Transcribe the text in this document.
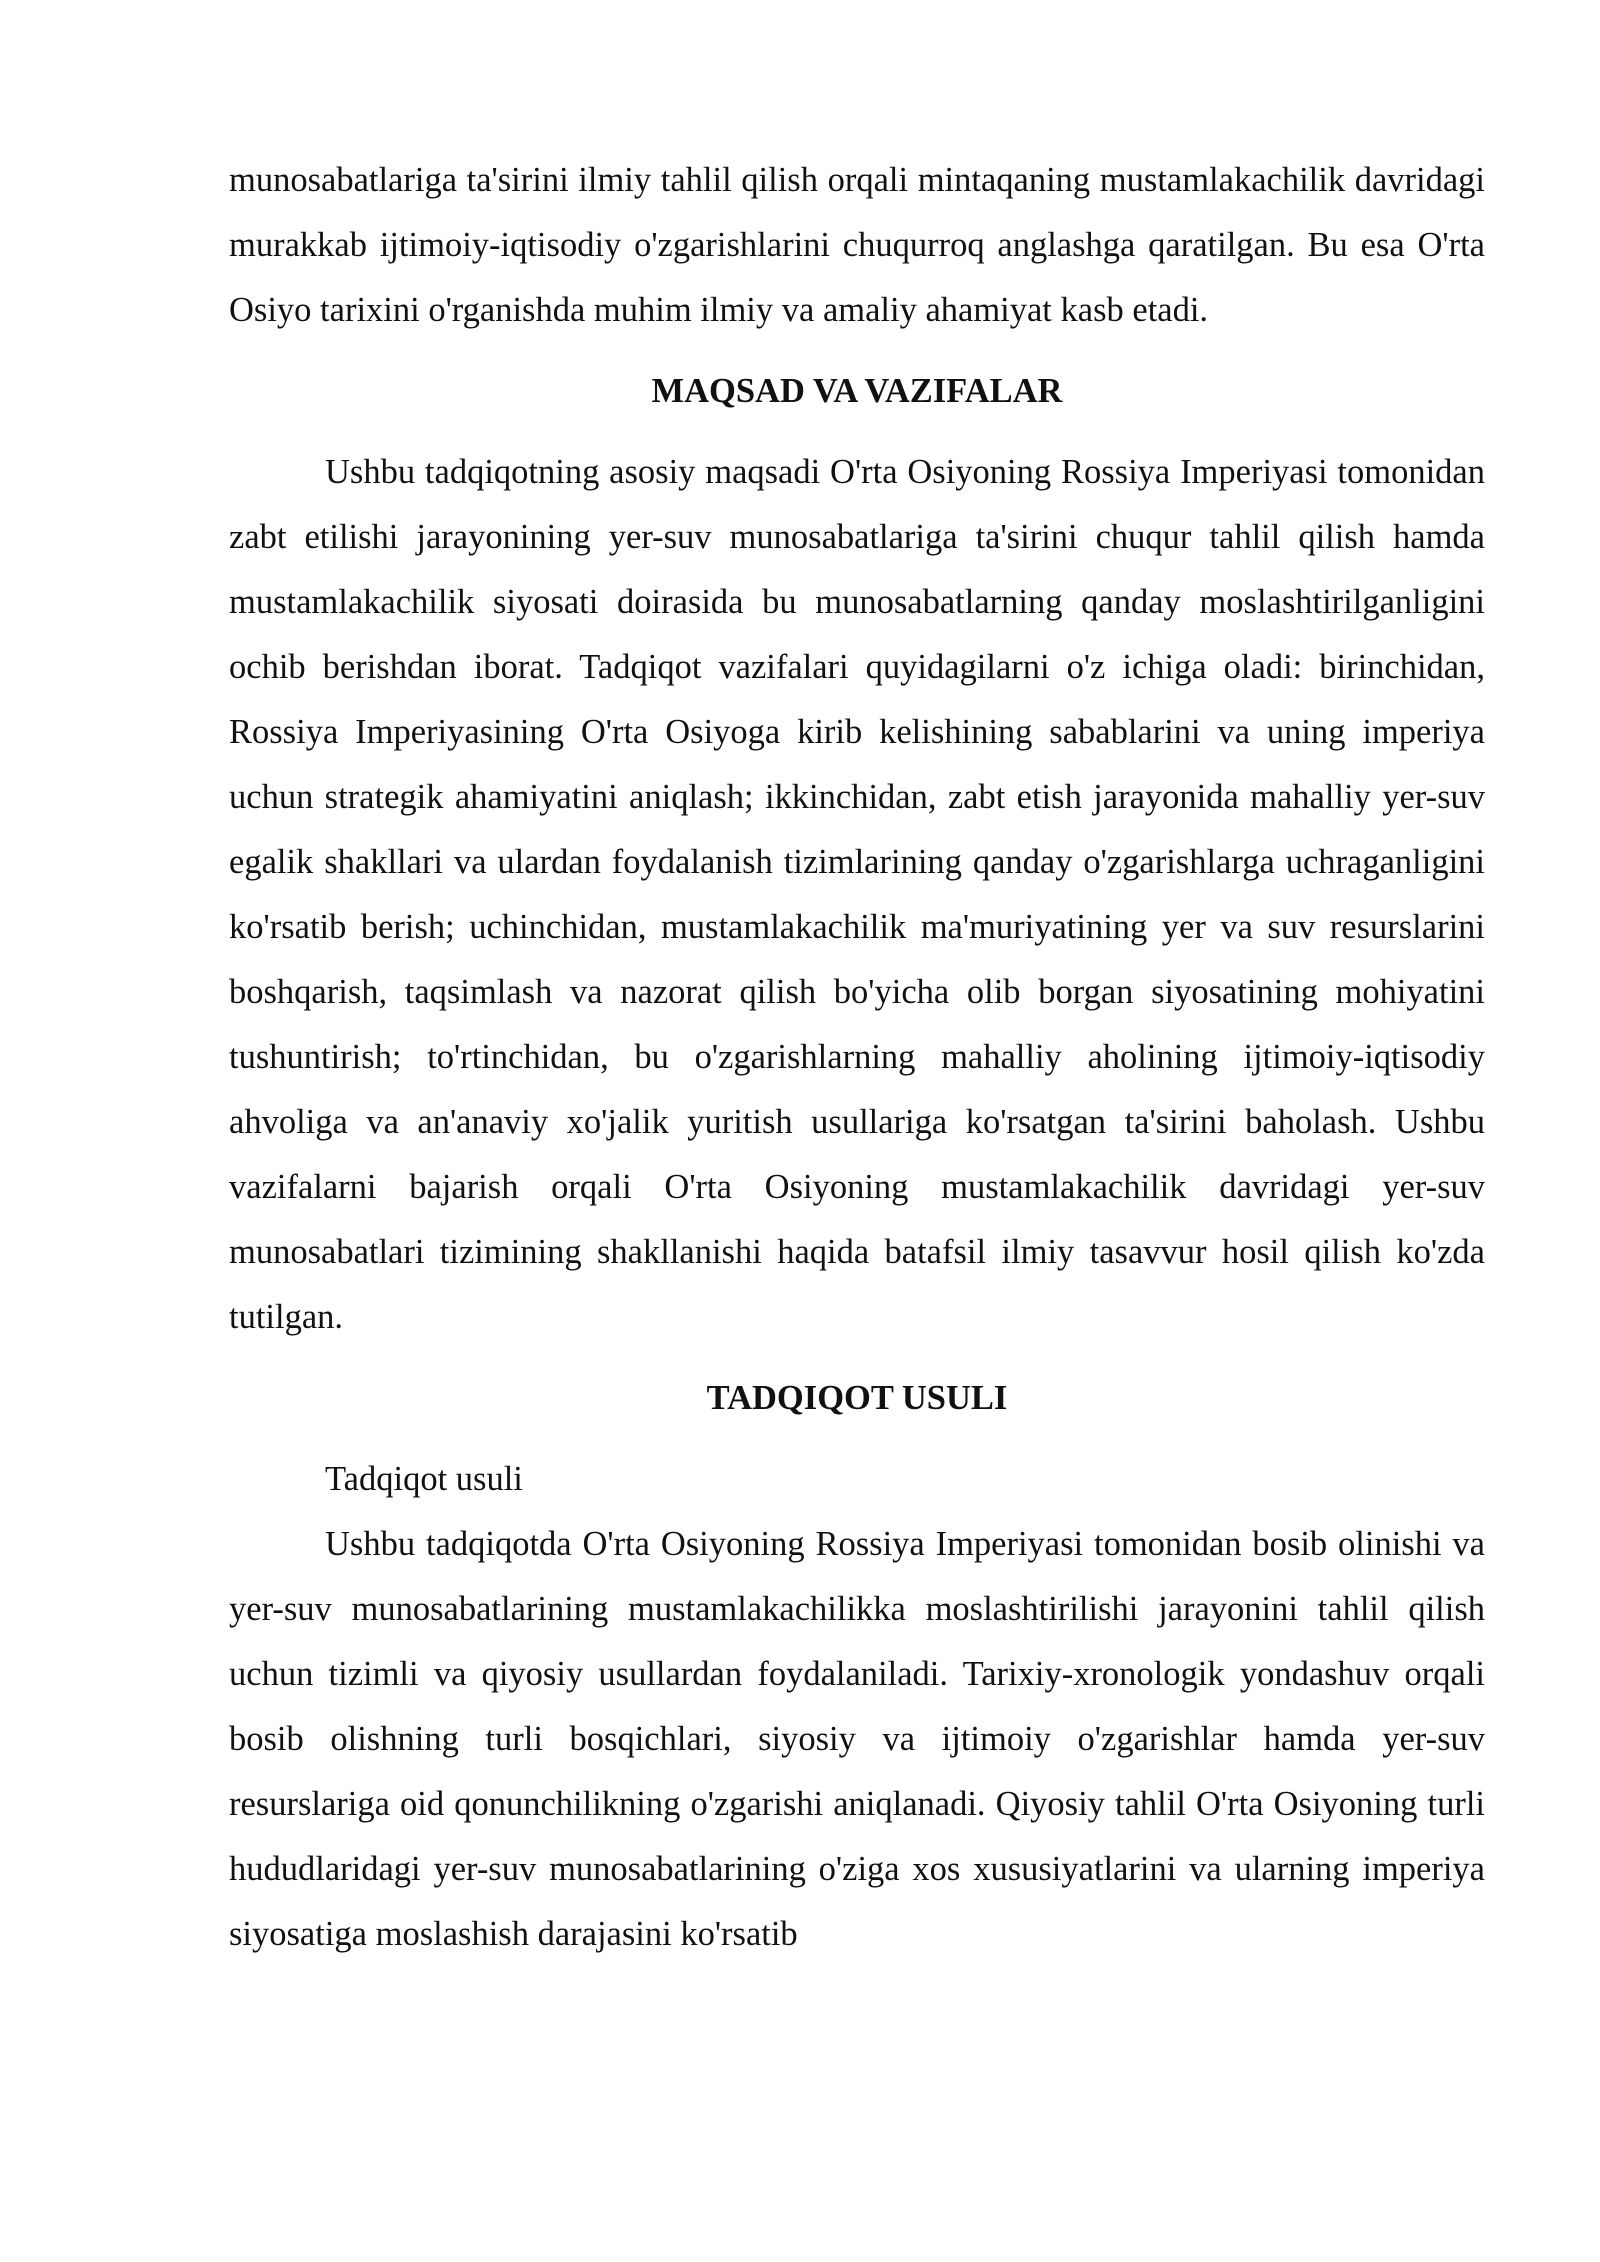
munosabatlariga ta'sirini ilmiy tahlil qilish orqali mintaqaning mustamlakachilik davridagi murakkab ijtimoiy-iqtisodiy o'zgarishlarini chuqurroq anglashga qaratilgan. Bu esa O'rta Osiyo tarixini o'rganishda muhim ilmiy va amaliy ahamiyat kasb etadi.

MAQSAD VA VAZIFALAR

Ushbu tadqiqotning asosiy maqsadi O'rta Osiyoning Rossiya Imperiyasi tomonidan zabt etilishi jarayonining yer-suv munosabatlariga ta'sirini chuqur tahlil qilish hamda mustamlakachilik siyosati doirasida bu munosabatlarning qanday moslashtirilganligini ochib berishdan iborat. Tadqiqot vazifalari quyidagilarni o'z ichiga oladi: birinchidan, Rossiya Imperiyasining O'rta Osiyoga kirib kelishining sabablarini va uning imperiya uchun strategik ahamiyatini aniqlash; ikkinchidan, zabt etish jarayonida mahalliy yer-suv egalik shakllari va ulardan foydalanish tizimlarining qanday o'zgarishlarga uchraganligini ko'rsatib berish; uchinchidan, mustamlakachilik ma'muriyatining yer va suv resurslarini boshqarish, taqsimlash va nazorat qilish bo'yicha olib borgan siyosatining mohiyatini tushuntirish; to'rtinchidan, bu o'zgarishlarning mahalliy aholining ijtimoiy-iqtisodiy ahvoliga va an'anaviy xo'jalik yuritish usullariga ko'rsatgan ta'sirini baholash. Ushbu vazifalarni bajarish orqali O'rta Osiyoning mustamlakachilik davridagi yer-suv munosabatlari tizimining shakllanishi haqida batafsil ilmiy tasavvur hosil qilish ko'zda tutilgan.

TADQIQOT USULI

Tadqiqot usuli

Ushbu tadqiqotda O'rta Osiyoning Rossiya Imperiyasi tomonidan bosib olinishi va yer-suv munosabatlarining mustamlakachilikka moslashtirilishi jarayonini tahlil qilish uchun tizimli va qiyosiy usullardan foydalaniladi. Tarixiy-xronologik yondashuv orqali bosib olishning turli bosqichlari, siyosiy va ijtimoiy o'zgarishlar hamda yer-suv resurslariga oid qonunchilikning o'zgarishi aniqlanadi. Qiyosiy tahlil O'rta Osiyoning turli hududlaridagi yer-suv munosabatlarining o'ziga xos xususiyatlarini va ularning imperiya siyosatiga moslashish darajasini ko'rsatib
